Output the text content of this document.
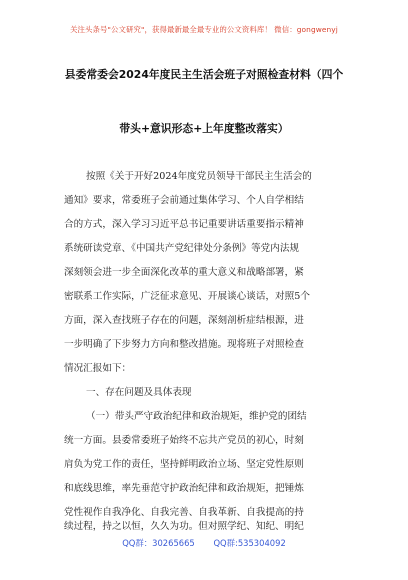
关注头条号"公文研究"，获得最新最全最专业的公文资料库！ 微信：gongwenyj
县委常委会2024年度民主生活会班子对照检查材料（四个
带头+意识形态+上年度整改落实）
按照《关于开好2024年度党员领导干部民主生活会的
通知》要求，常委班子会前通过集体学习、个人自学相结
合的方式，深入学习习近平总书记重要讲话重要指示精神
系统研读党章、《中国共产党纪律处分条例》等党内法规
深刻领会进一步全面深化改革的重大意义和战略部署，紧
密联系工作实际，广泛征求意见、开展谈心谈话，对照5个
方面，深入查找班子存在的问题，深刻剖析症结根源，进
一步明确了下步努力方向和整改措施。现将班子对照检查
情况汇报如下：
一、存在问题及具体表现
（一）带头严守政治纪律和政治规矩，维护党的团结
统一方面。县委常委班子始终不忘共产党员的初心，时刻
肩负为党工作的责任，坚持鲜明政治立场、坚定党性原则
和底线思维，率先垂范守护政治纪律和政治规矩，把锤炼
党性视作自我净化、自我完善、自我革新、自我提高的持
续过程，持之以恒，久久为功。但对照学纪、知纪、明纪
QQ群：30265665 QQ群:535304092
